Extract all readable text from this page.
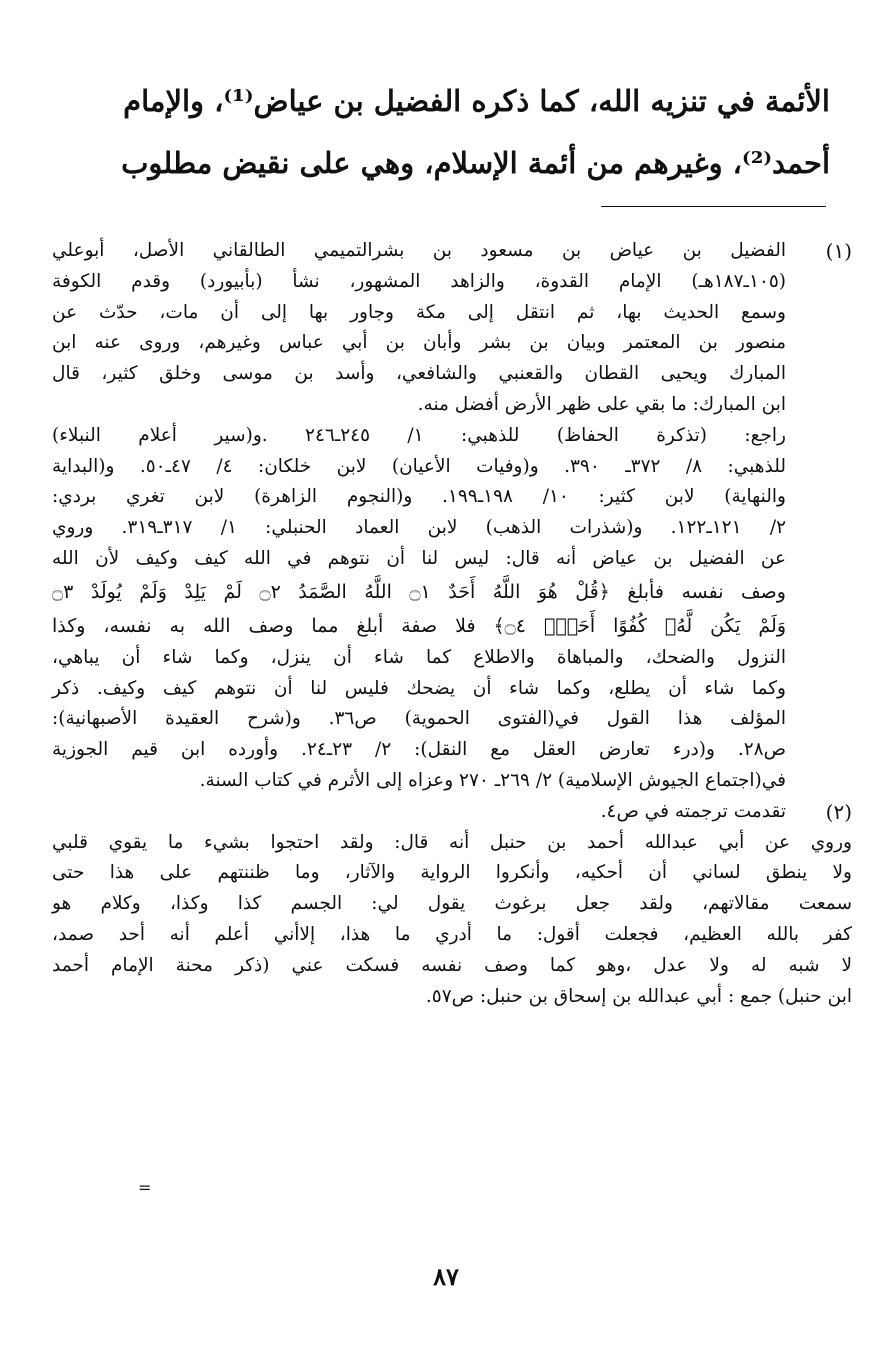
الأئمة في تنزيه الله، كما ذكره الفضيل بن عياض⁽¹⁾، والإمام
أحمد⁽²⁾، وغيرهم من أئمة الإسلام، وهي على نقيض مطلوب
(١)
الفضيل بن عياض بن مسعود بن بشرالتميمي الطالقاني الأصل، أبوعلي
(١٠٥ـ١٨٧هـ) الإمام القدوة، والزاهد المشهور، نشأ (بأبيورد) وقدم الكوفة
وسمع الحديث بها، ثم انتقل إلى مكة وجاور بها إلى أن مات، حدّث عن
منصور بن المعتمر وبيان بن بشر وأبان بن أبي عباس وغيرهم، وروى عنه ابن
المبارك ويحيى القطان والقعنبي والشافعي، وأسد بن موسى وخلق كثير، قال
ابن المبارك: ما بقي على ظهر الأرض أفضل منه.
راجع: (تذكرة الحفاظ) للذهبي: ١/ ٢٤٥ـ٢٤٦ .و(سير أعلام النبلاء)
للذهبي: ٨/ ٣٧٢ـ ٣٩٠. و(وفيات الأعيان) لابن خلكان: ٤/ ٤٧ـ٥٠. و(البداية
والنهاية) لابن كثير: ١٠/ ١٩٨ـ١٩٩. و(النجوم الزاهرة) لابن تغري بردي:
٢/ ١٢١ـ١٢٢. و(شذرات الذهب) لابن العماد الحنبلي: ١/ ٣١٧ـ٣١٩. وروي
عن الفضيل بن عياض أنه قال: ليس لنا أن نتوهم في الله كيف وكيف لأن الله
وصف نفسه فأبلغ ﴿قُلْ هُوَ اللَّهُ أَحَدٌ ۝١ اللَّهُ الصَّمَدُ ۝٢ لَمْ يَلِدْ وَلَمْ يُولَدْ ۝٣
وَلَمْ يَكُن لَّهُۥ كُفُوًا أَحَدٌۢ ۝٤﴾ فلا صفة أبلغ مما وصف الله به نفسه، وكذا
النزول والضحك، والمباهاة والاطلاع كما شاء أن ينزل، وكما شاء أن يباهي،
وكما شاء أن يطلع، وكما شاء أن يضحك فليس لنا أن نتوهم كيف وكيف. ذكر
المؤلف هذا القول في(الفتوى الحموية) ص٣٦. و(شرح العقيدة الأصبهانية):
ص٢٨. و(درء تعارض العقل مع النقل): ٢/ ٢٣ـ٢٤. وأورده ابن قيم الجوزية
في(اجتماع الجيوش الإسلامية) ٢/ ٢٦٩ـ ٢٧٠ وعزاه إلى الأثرم في كتاب السنة.
(٢)
تقدمت ترجمته في ص٤.
وروي عن أبي عبدالله أحمد بن حنبل أنه قال: ولقد احتجوا بشيء ما يقوي قلبي
ولا ينطق لساني أن أحكيه، وأنكروا الرواية والآثار، وما ظننتهم على هذا حتى
سمعت مقالاتهم، ولقد جعل برغوث يقول لي: الجسم كذا وكذا، وكلام هو
كفر بالله العظيم، فجعلت أقول: ما أدري ما هذا، إلاأني أعلم أنه أحد صمد،
لا شبه له ولا عدل ،وهو كما وصف نفسه فسكت عني (ذكر محنة الإمام أحمد
ابن حنبل) جمع : أبي عبدالله بن إسحاق بن حنبل: ص٥٧.
=
٨٧
